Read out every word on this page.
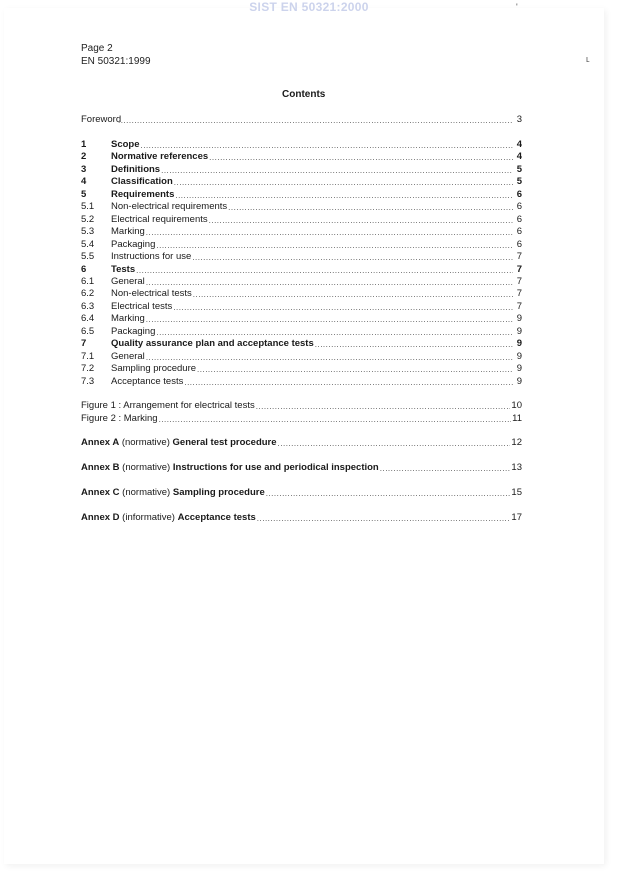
SIST EN 50321:2000
Page 2
EN 50321:1999
'
ʟ
Contents
Foreword .....	3
1	Scope .....	4
2	Normative references .....	4
3	Definitions .....	5
4	Classification .....	5
5	Requirements .....	6
5.1	Non-electrical requirements .....	6
5.2	Electrical requirements .....	6
5.3	Marking .....	6
5.4	Packaging .....	6
5.5	Instructions for use .....	7
6	Tests .....	7
6.1	General .....	7
6.2	Non-electrical tests .....	7
6.3	Electrical tests .....	7
6.4	Marking .....	9
6.5	Packaging .....	9
7	Quality assurance plan and acceptance tests .....	9
7.1	General .....	9
7.2	Sampling procedure .....	9
7.3	Acceptance tests .....	9
Figure 1 : Arrangement for electrical tests .....	10
Figure 2 : Marking .....	11
Annex A (normative) General test procedure .....	12
Annex B (normative) Instructions for use and periodical inspection .....	13
Annex C (normative) Sampling procedure .....	15
Annex D (informative) Acceptance tests .....	17
